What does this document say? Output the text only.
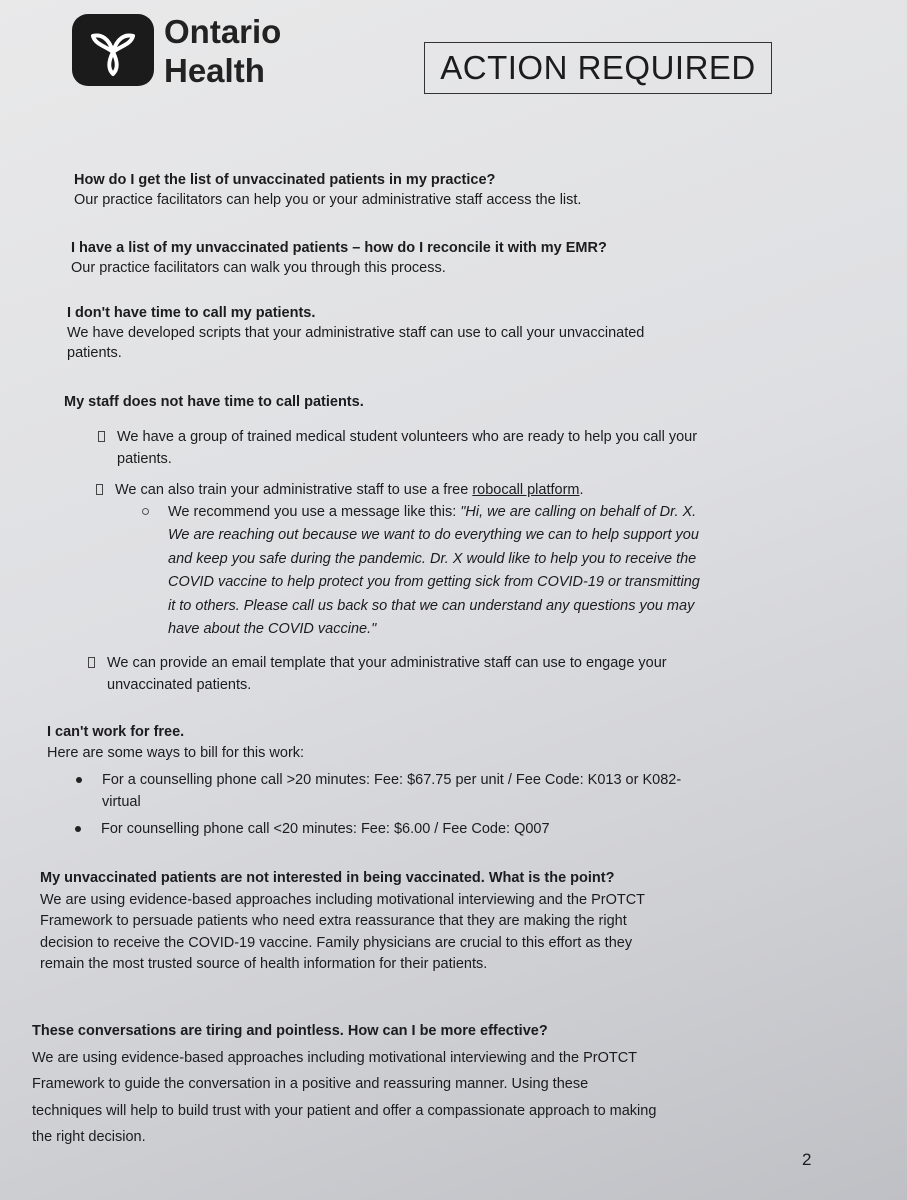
Ontario
Health	ACTION REQUIRED
How do I get the list of unvaccinated patients in my practice?
Our practice facilitators can help you or your administrative staff access the list.
I have a list of my unvaccinated patients – how do I reconcile it with my EMR?
Our practice facilitators can walk you through this process.
I don't have time to call my patients.
We have developed scripts that your administrative staff can use to call your unvaccinated
patients.
My staff does not have time to call patients.
We have a group of trained medical student volunteers who are ready to help you call your
patients.
We can also train your administrative staff to use a free robocall platform.
We recommend you use a message like this: "Hi, we are calling on behalf of Dr. X.
We are reaching out because we want to do everything we can to help support you
and keep you safe during the pandemic. Dr. X would like to help you to receive the
COVID vaccine to help protect you from getting sick from COVID-19 or transmitting
it to others. Please call us back so that we can understand any questions you may
have about the COVID vaccine."
We can provide an email template that your administrative staff can use to engage your
unvaccinated patients.
I can't work for free.
Here are some ways to bill for this work:
For a counselling phone call >20 minutes: Fee: $67.75 per unit / Fee Code: K013 or K082-
virtual
For counselling phone call <20 minutes: Fee: $6.00 / Fee Code: Q007
My unvaccinated patients are not interested in being vaccinated. What is the point?
We are using evidence-based approaches including motivational interviewing and the PrOTCT
Framework to persuade patients who need extra reassurance that they are making the right
decision to receive the COVID-19 vaccine. Family physicians are crucial to this effort as they
remain the most trusted source of health information for their patients.
These conversations are tiring and pointless. How can I be more effective?
We are using evidence-based approaches including motivational interviewing and the PrOTCT
Framework to guide the conversation in a positive and reassuring manner. Using these
techniques will help to build trust with your patient and offer a compassionate approach to making
the right decision.
2
